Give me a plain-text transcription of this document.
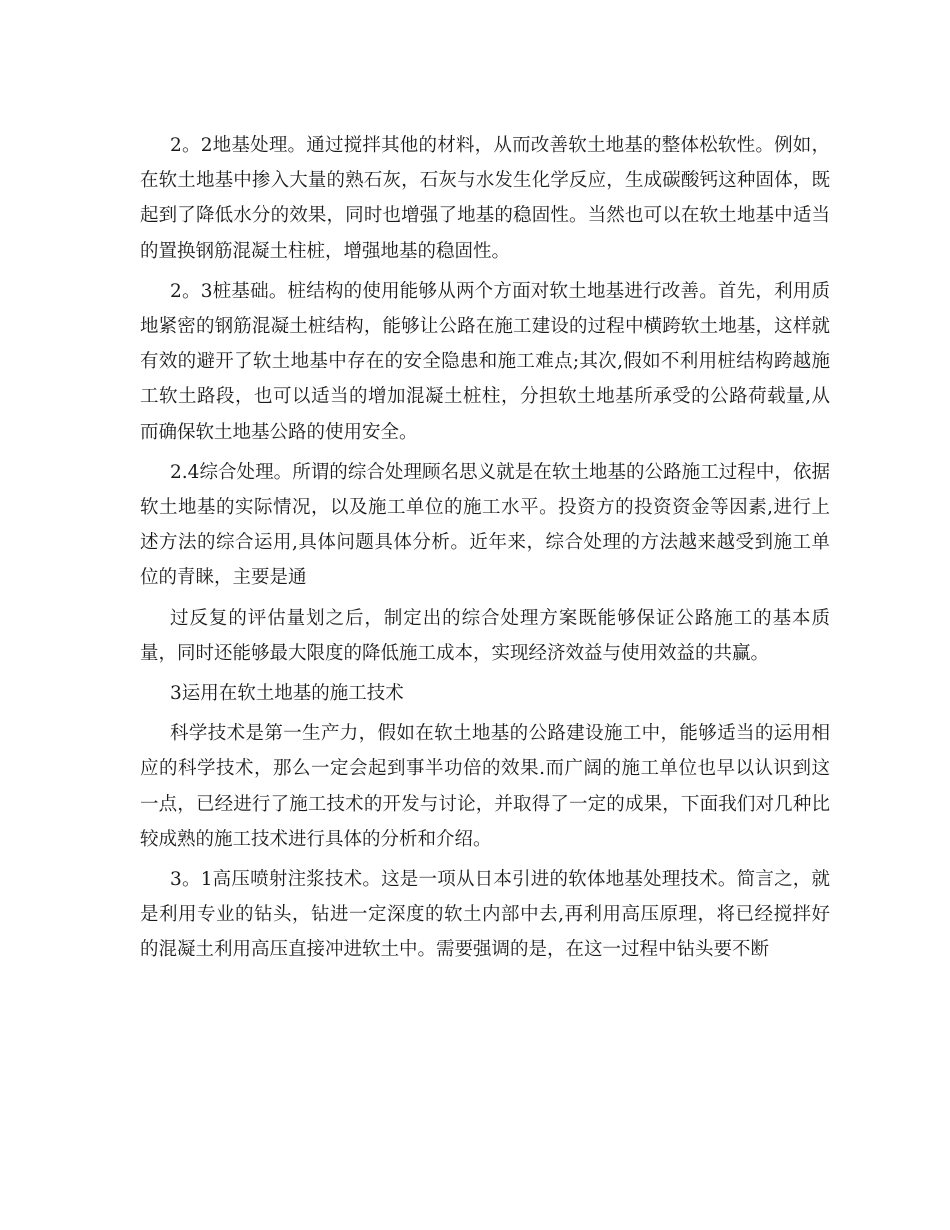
2。2地基处理。通过搅拌其他的材料，从而改善软土地基的整体松软性。例如，在软土地基中掺入大量的熟石灰，石灰与水发生化学反应，生成碳酸钙这种固体，既起到了降低水分的效果，同时也增强了地基的稳固性。当然也可以在软土地基中适当的置换钢筋混凝土柱桩，增强地基的稳固性。

2。3桩基础。桩结构的使用能够从两个方面对软土地基进行改善。首先，利用质地紧密的钢筋混凝土桩结构，能够让公路在施工建设的过程中横跨软土地基，这样就有效的避开了软土地基中存在的安全隐患和施工难点;其次,假如不利用桩结构跨越施工软土路段，也可以适当的增加混凝土桩柱，分担软土地基所承受的公路荷载量,从而确保软土地基公路的使用安全。

2.4综合处理。所谓的综合处理顾名思义就是在软土地基的公路施工过程中，依据软土地基的实际情况，以及施工单位的施工水平。投资方的投资资金等因素,进行上述方法的综合运用,具体问题具体分析。近年来，综合处理的方法越来越受到施工单位的青睐，主要是通

过反复的评估量划之后，制定出的综合处理方案既能够保证公路施工的基本质量，同时还能够最大限度的降低施工成本，实现经济效益与使用效益的共赢。

3运用在软土地基的施工技术

科学技术是第一生产力，假如在软土地基的公路建设施工中，能够适当的运用相应的科学技术，那么一定会起到事半功倍的效果.而广阔的施工单位也早以认识到这一点，已经进行了施工技术的开发与讨论，并取得了一定的成果，下面我们对几种比较成熟的施工技术进行具体的分析和介绍。

3。1高压喷射注浆技术。这是一项从日本引进的软体地基处理技术。简言之，就是利用专业的钻头，钻进一定深度的软土内部中去,再利用高压原理，将已经搅拌好的混凝土利用高压直接冲进软土中。需要强调的是，在这一过程中钻头要不断
